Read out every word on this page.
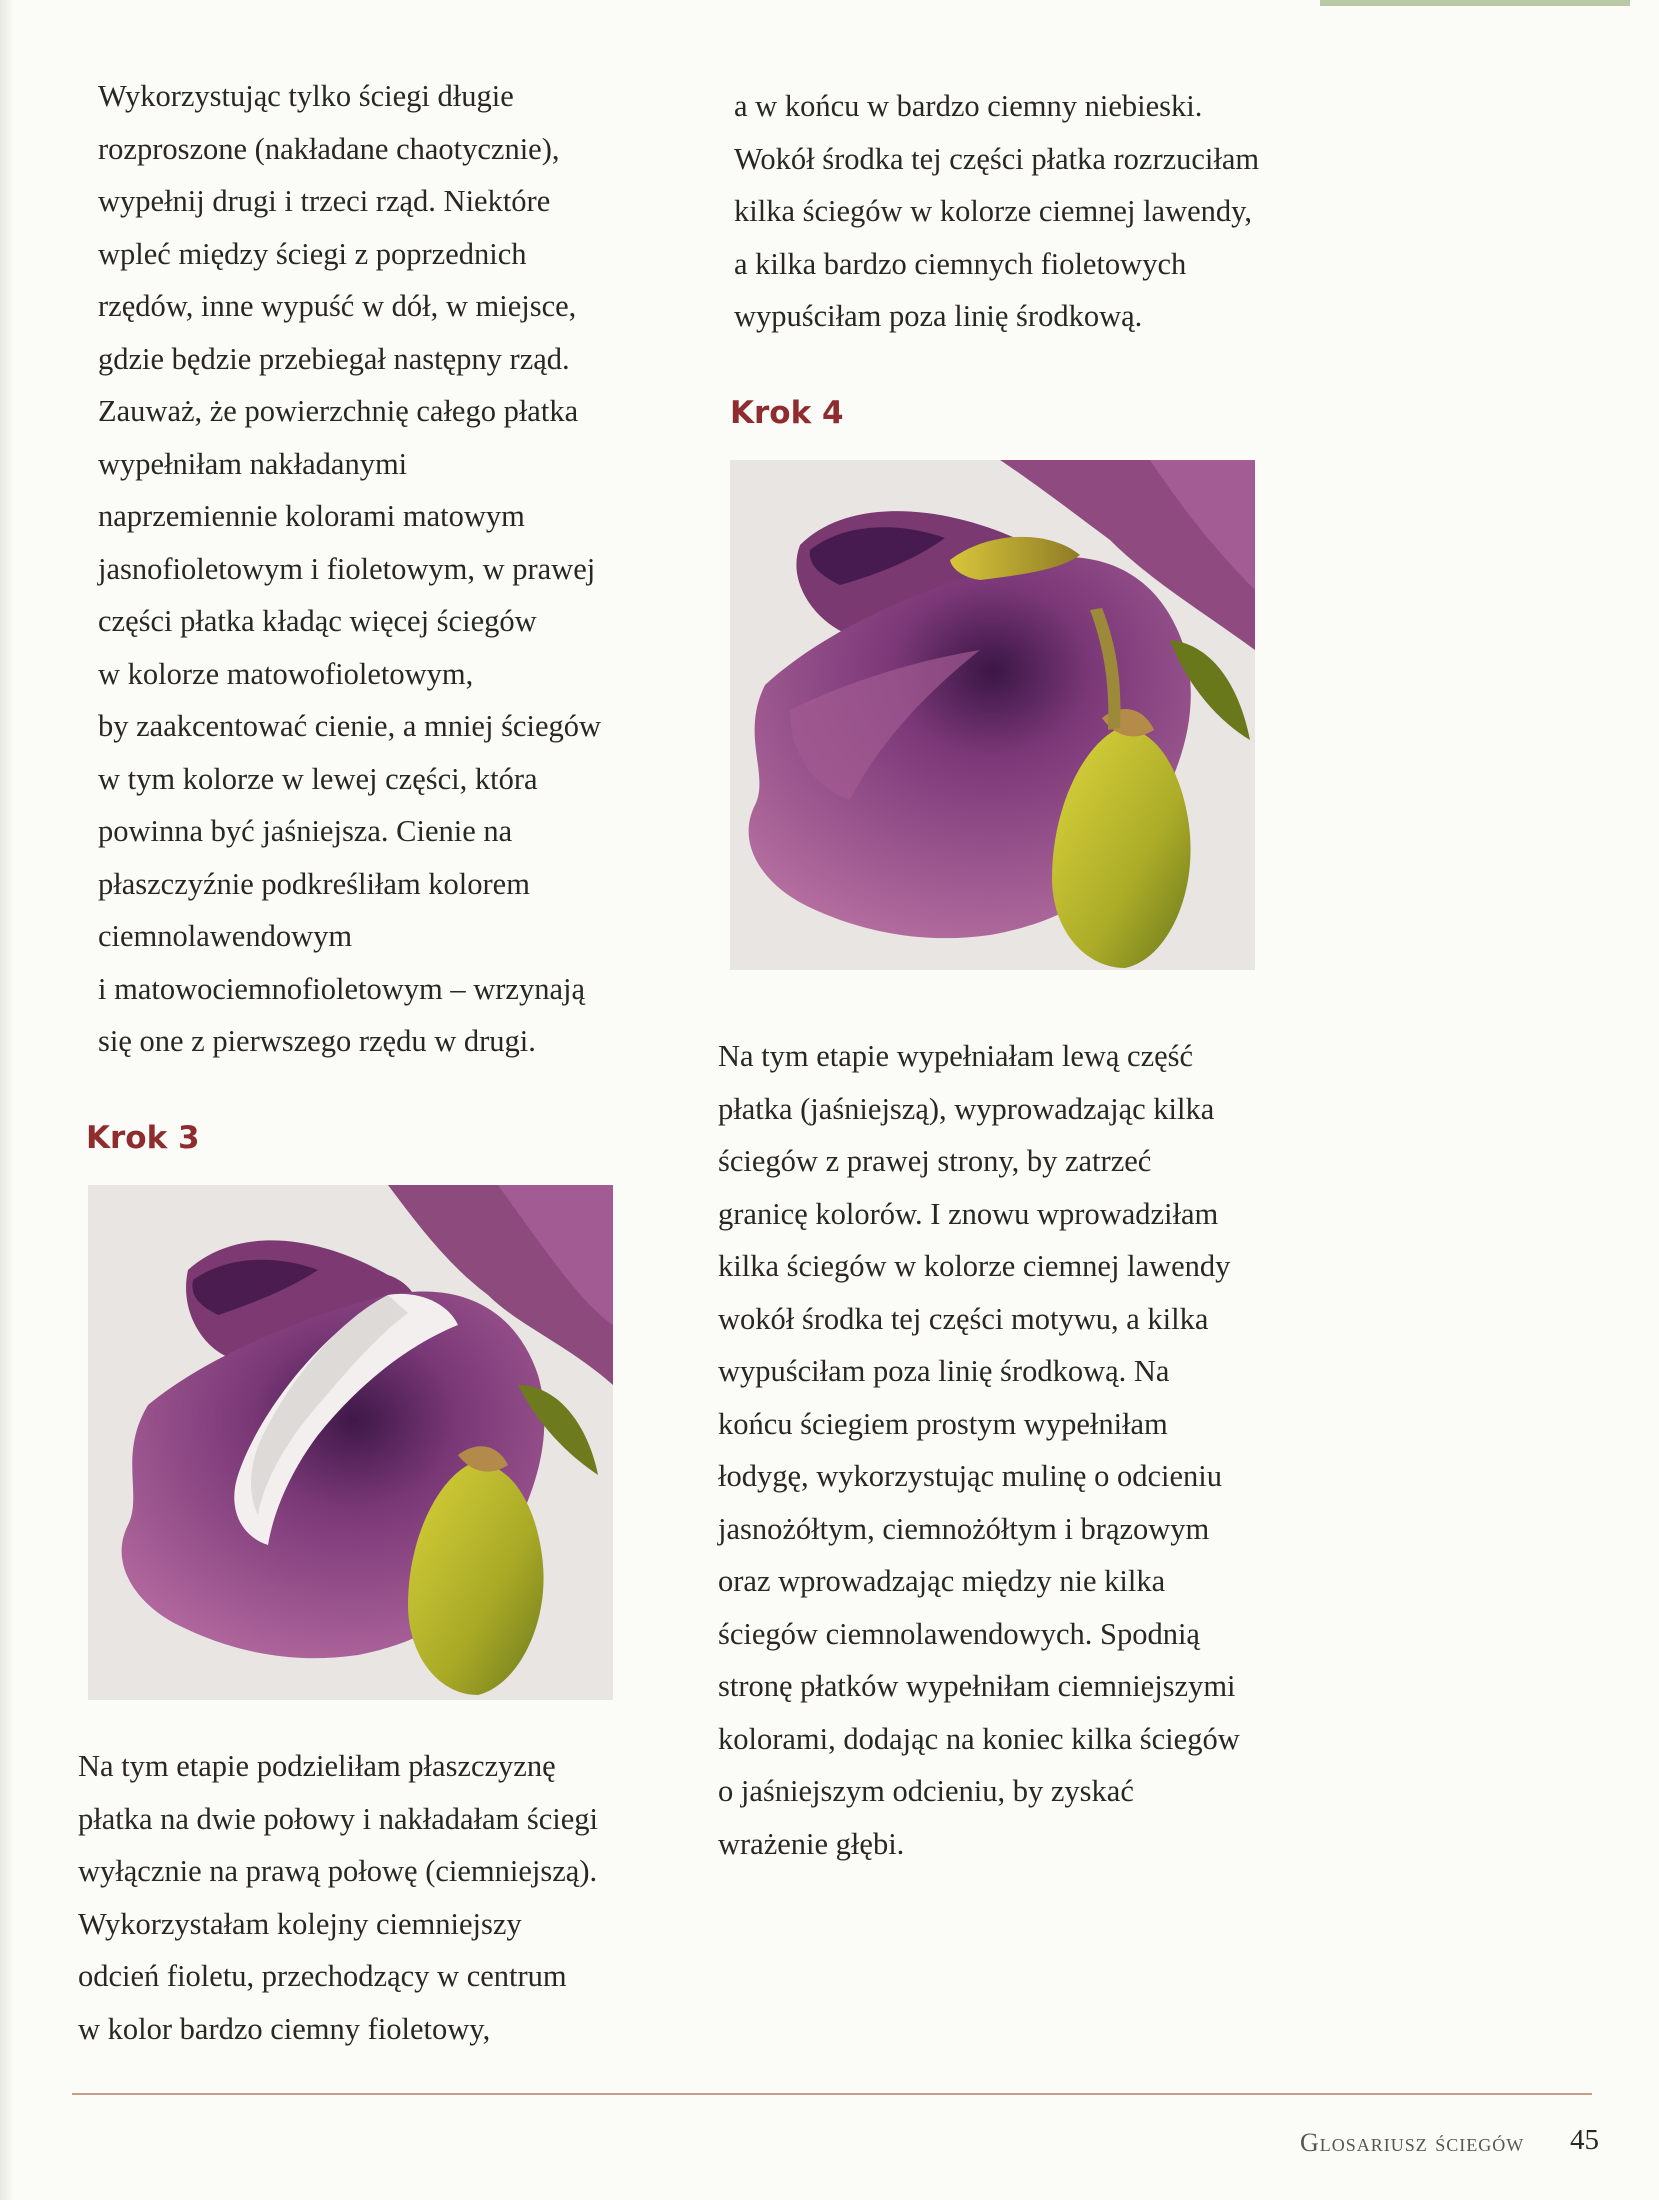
Wykorzystując tylko ściegi długie
rozproszone (nakładane chaotycznie),
wypełnij drugi i trzeci rząd. Niektóre
wpleć między ściegi z poprzednich
rzędów, inne wypuść w dół, w miejsce,
gdzie będzie przebiegał następny rząd.
Zauważ, że powierzchnię całego płatka
wypełniłam nakładanymi
naprzemiennie kolorami matowym
jasnofioletowym i fioletowym, w prawej
części płatka kładąc więcej ściegów
w kolorze matowofioletowym,
by zaakcentować cienie, a mniej ściegów
w tym kolorze w lewej części, która
powinna być jaśniejsza. Cienie na
płaszczyźnie podkreśliłam kolorem
ciemnolawendowym
i matowociemnofioletowym – wrzynają
się one z pierwszego rzędu w drugi.
Krok 3
Na tym etapie podzieliłam płaszczyznę
płatka na dwie połowy i nakładałam ściegi
wyłącznie na prawą połowę (ciemniejszą).
Wykorzystałam kolejny ciemniejszy
odcień fioletu, przechodzący w centrum
w kolor bardzo ciemny fioletowy,
a w końcu w bardzo ciemny niebieski.
Wokół środka tej części płatka rozrzuciłam
kilka ściegów w kolorze ciemnej lawendy,
a kilka bardzo ciemnych fioletowych
wypuściłam poza linię środkową.
Krok 4
Na tym etapie wypełniałam lewą część
płatka (jaśniejszą), wyprowadzając kilka
ściegów z prawej strony, by zatrzeć
granicę kolorów. I znowu wprowadziłam
kilka ściegów w kolorze ciemnej lawendy
wokół środka tej części motywu, a kilka
wypuściłam poza linię środkową. Na
końcu ściegiem prostym wypełniłam
łodygę, wykorzystując mulinę o odcieniu
jasnożółtym, ciemnożółtym i brązowym
oraz wprowadzając między nie kilka
ściegów ciemnolawendowych. Spodnią
stronę płatków wypełniłam ciemniejszymi
kolorami, dodając na koniec kilka ściegów
o jaśniejszym odcieniu, by zyskać
wrażenie głębi.
Glosariusz ściegów 45
